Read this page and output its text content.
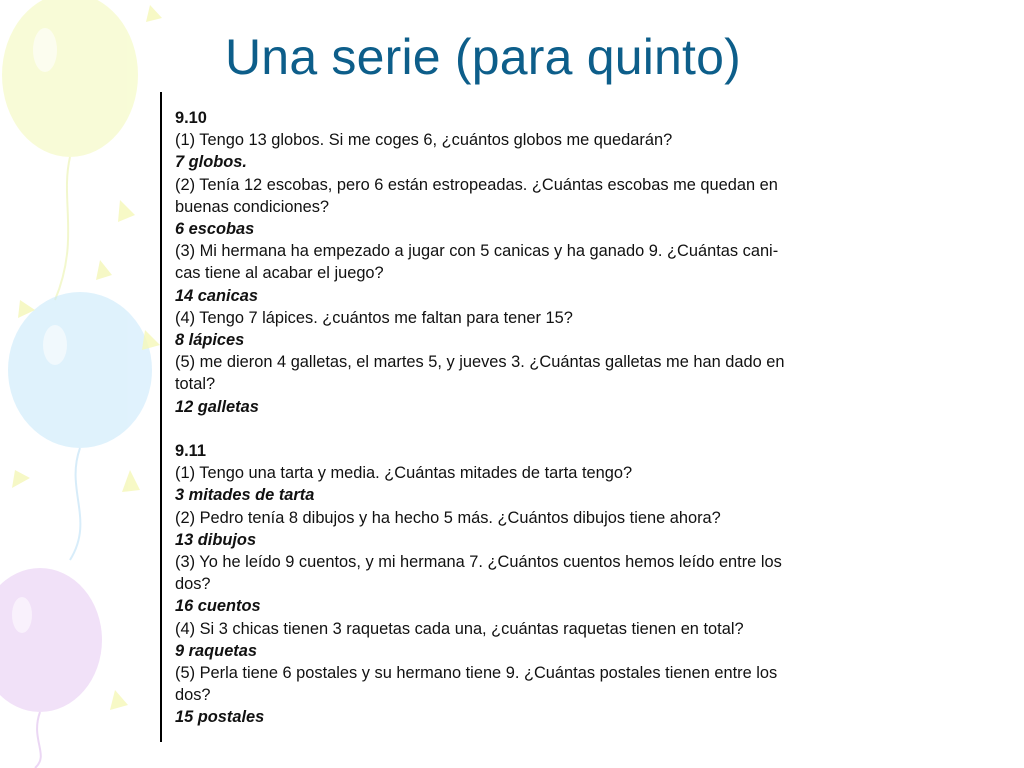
Una serie (para quinto)
9.10
(1) Tengo 13 globos. Si me coges 6, ¿cuántos globos me quedarán?
7 globos.
(2) Tenía 12 escobas, pero 6 están estropeadas. ¿Cuántas escobas me quedan en
buenas condiciones?
6 escobas
(3) Mi hermana ha empezado a jugar con 5 canicas y ha ganado 9. ¿Cuántas cani-
cas tiene al acabar el juego?
14 canicas
(4) Tengo 7 lápices. ¿cuántos me faltan para tener 15?
8 lápices
(5) me dieron 4 galletas, el martes 5, y jueves 3. ¿Cuántas galletas me han dado en
total?
12 galletas
9.11
(1) Tengo una tarta y media. ¿Cuántas mitades de tarta tengo?
3 mitades de tarta
(2) Pedro tenía 8 dibujos y ha hecho 5 más. ¿Cuántos dibujos tiene ahora?
13 dibujos
(3) Yo he leído 9 cuentos, y mi hermana 7. ¿Cuántos cuentos hemos leído entre los
dos?
16 cuentos
(4) Si 3 chicas tienen 3 raquetas cada una, ¿cuántas raquetas tienen en total?
9 raquetas
(5) Perla tiene 6 postales y su hermano tiene 9. ¿Cuántas postales tienen entre los
dos?
15 postales
